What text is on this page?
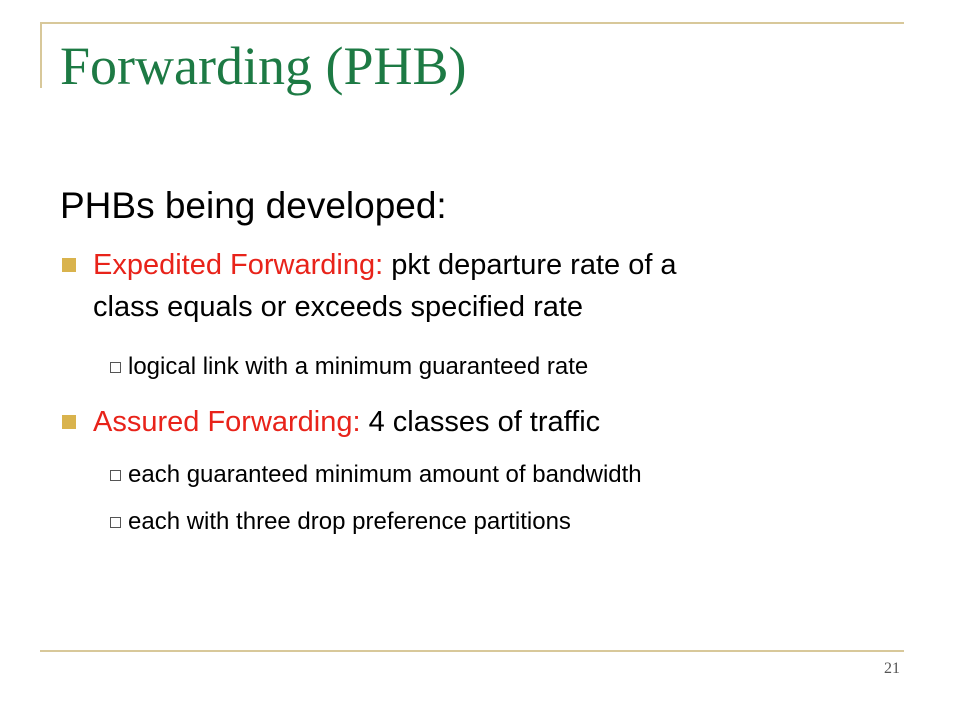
Forwarding (PHB)
PHBs being developed:
Expedited Forwarding: pkt departure rate of a
class equals or exceeds specified rate
logical link with a minimum guaranteed rate
Assured Forwarding: 4 classes of traffic
each guaranteed minimum amount of bandwidth
each with three drop preference partitions
21
